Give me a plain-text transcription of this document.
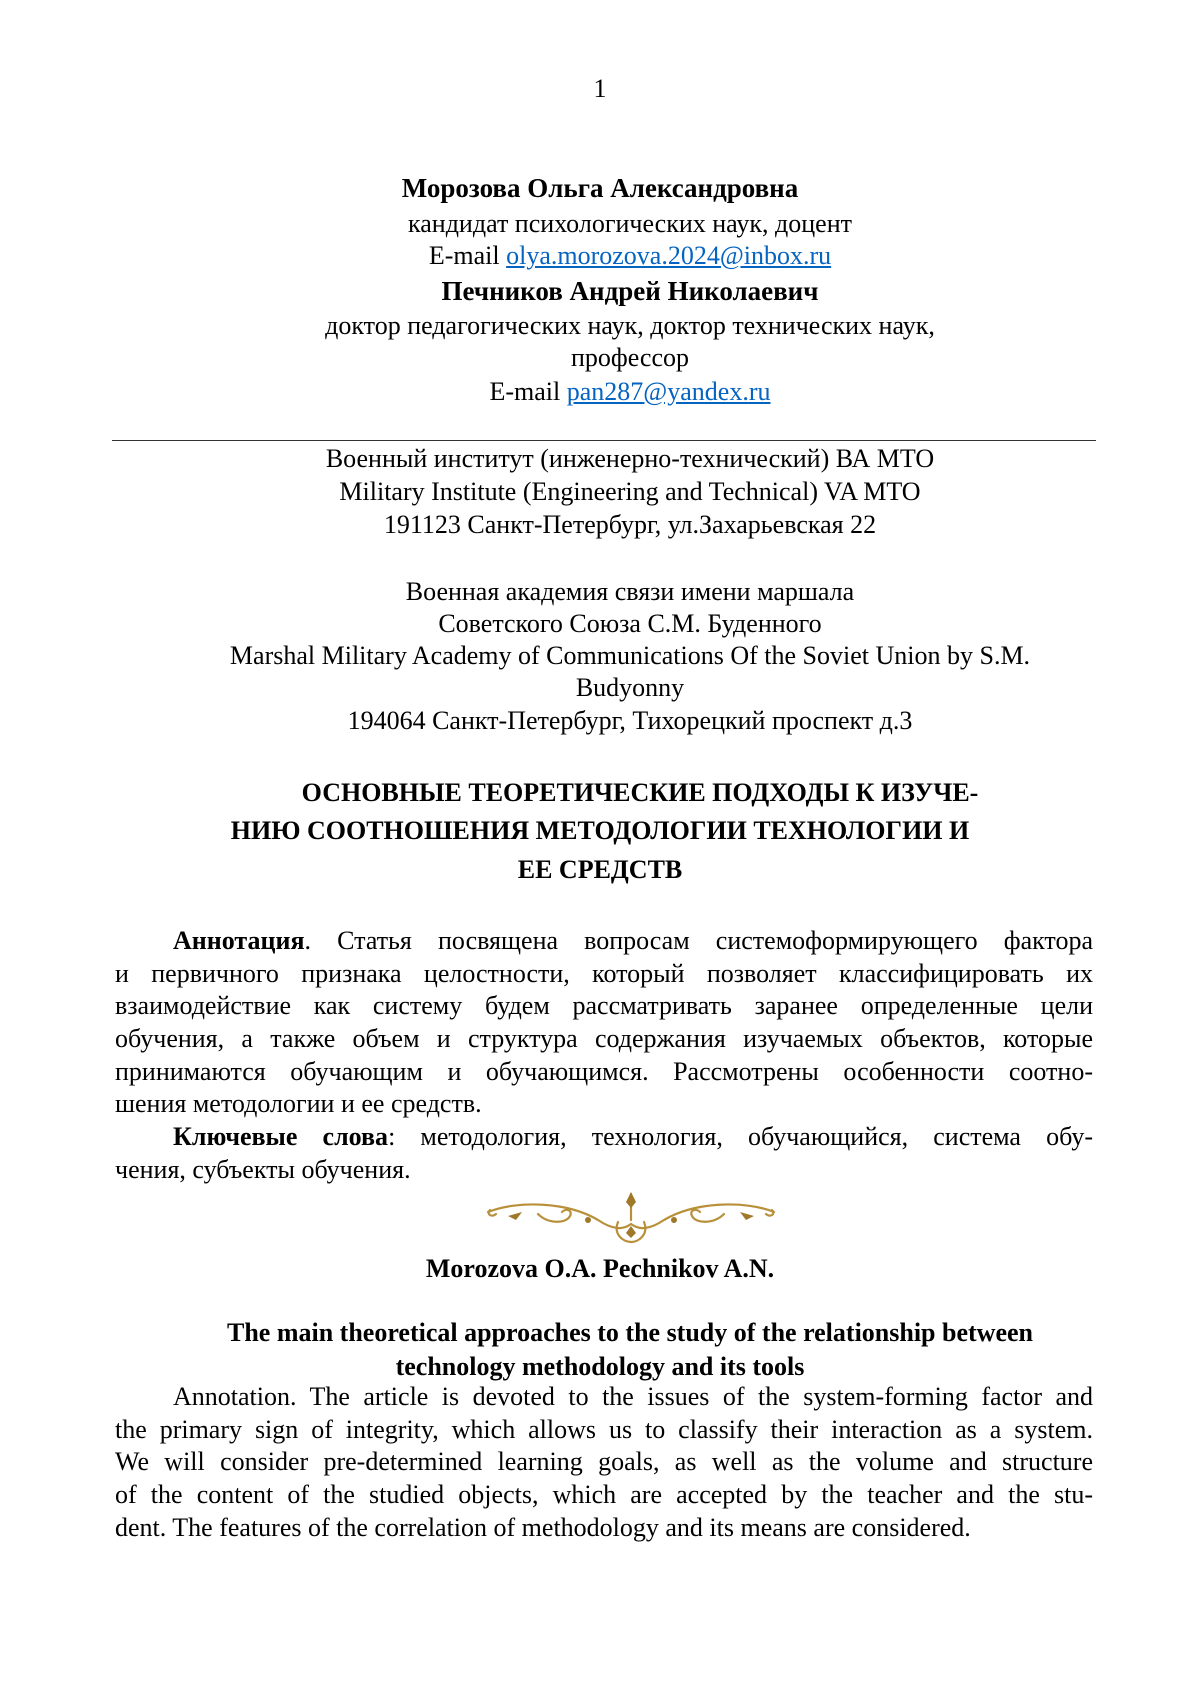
1
Морозова Ольга Александровна
кандидат психологических наук, доцент
E-mail olya.morozova.2024@inbox.ru
Печников Андрей Николаевич
доктор педагогических наук, доктор технических наук,
профессор
E-mail pan287@yandex.ru
Военный институт (инженерно-технический) ВА МТО
Military Institute (Engineering and Technical) VA MTO
191123 Санкт-Петербург, ул.Захарьевская 22
Военная академия связи имени маршала
Советского Союза С.М. Буденного
Marshal Military Academy of Communications Of the Soviet Union by S.M.
Budyonny
194064 Санкт-Петербург, Тихорецкий проспект д.3
ОСНОВНЫЕ ТЕОРЕТИЧЕСКИЕ ПОДХОДЫ К ИЗУЧЕ-
НИЮ СООТНОШЕНИЯ МЕТОДОЛОГИИ ТЕХНОЛОГИИ И
ЕЕ СРЕДСТВ
Аннотация. Статья посвящена вопросам системоформирующего фактора
и первичного признака целостности, который позволяет классифицировать их
взаимодействие как систему будем рассматривать заранее определенные цели
обучения, а также объем и структура содержания изучаемых объектов, которые
принимаются обучающим и обучающимся. Рассмотрены особенности соотно-
шения методологии и ее средств.
Ключевые слова: методология, технология, обучающийся, система обу-
чения, субъекты обучения.
Morozova O.A. Pechnikov A.N.
The main theoretical approaches to the study of the relationship between
technology methodology and its tools
Annotation. The article is devoted to the issues of the system-forming factor and
the primary sign of integrity, which allows us to classify their interaction as a system.
We will consider pre-determined learning goals, as well as the volume and structure
of the content of the studied objects, which are accepted by the teacher and the stu-
dent. The features of the correlation of methodology and its means are considered.
